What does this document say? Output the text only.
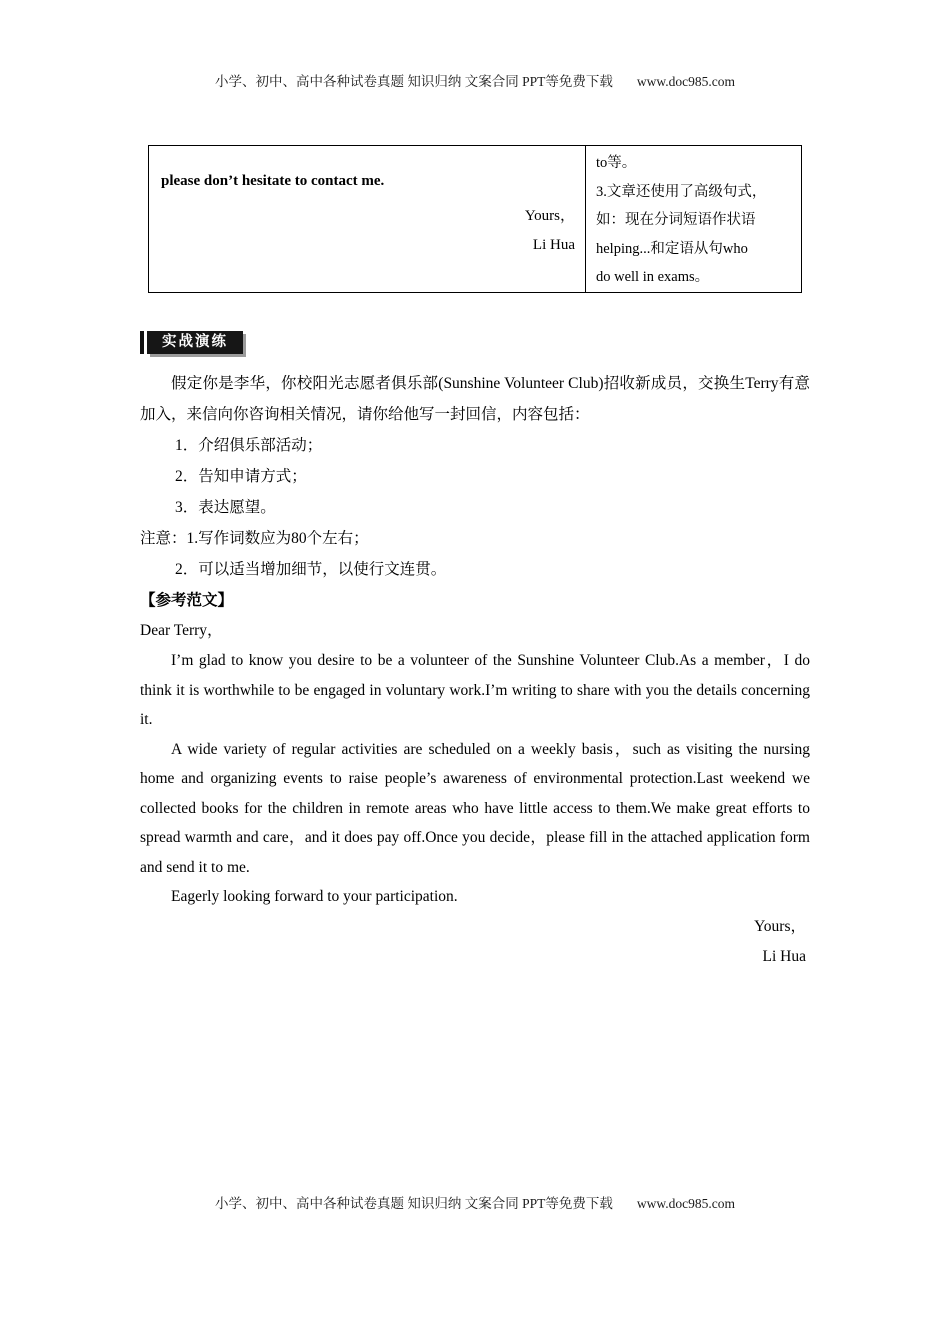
小学、初中、高中各种试卷真题 知识归纳 文案合同 PPT等免费下载 www.doc985.com
please don’t hesitate to contact me.
Yours，
Li Hua
to等。
3.文章还使用了高级句式，
如：现在分词短语作状语
helping...和定语从句who
do well in exams。
实战演练

假定你是李华，你校阳光志愿者俱乐部(Sunshine Volunteer Club)招收新成员，交换生Terry有意加入，来信向你咨询相关情况，请你给他写一封回信，内容包括：

1．介绍俱乐部活动；
2．告知申请方式；
3．表达愿望。
注意：1.写作词数应为80个左右；
2．可以适当增加细节，以使行文连贯。
【参考范文】
Dear Terry，

I’m glad to know you desire to be a volunteer of the Sunshine Volunteer Club.As a member，I do think it is worthwhile to be engaged in voluntary work.I’m writing to share with you the details concerning it.

A wide variety of regular activities are scheduled on a weekly basis，such as visiting the nursing home and organizing events to raise people’s awareness of environmental protection.Last weekend we collected books for the children in remote areas who have little access to them.We make great efforts to spread warmth and care，and it does pay off.Once you decide，please fill in the attached application form and send it to me.

Eagerly looking forward to your participation.

Yours，
Li Hua
小学、初中、高中各种试卷真题 知识归纳 文案合同 PPT等免费下载 www.doc985.com
